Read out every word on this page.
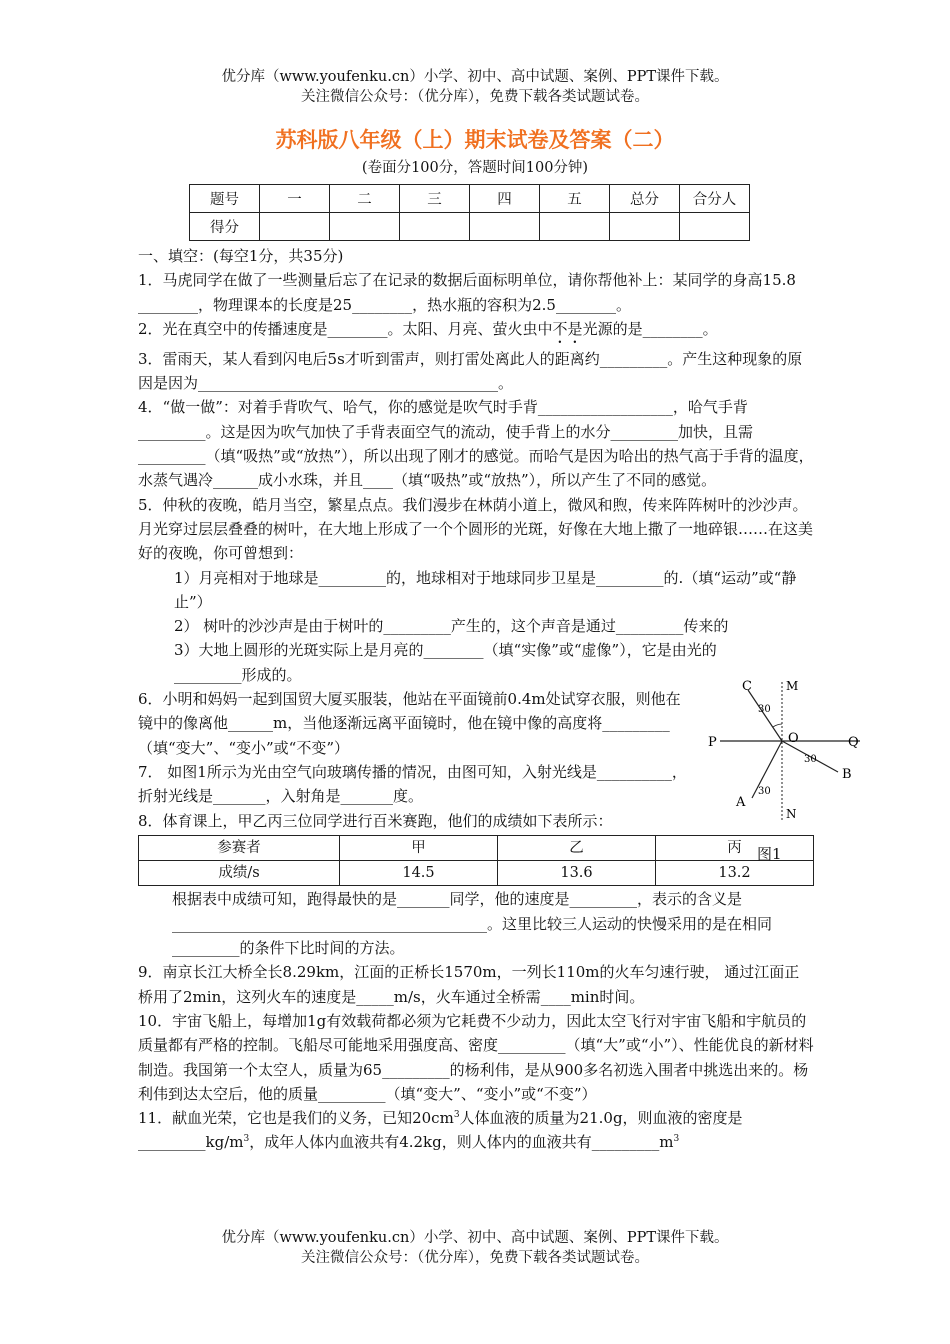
优分库（www.youfenku.cn）小学、初中、高中试题、案例、PPT课件下载。
关注微信公众号：（优分库），免费下载各类试题试卷。
苏科版八年级（上）期末试卷及答案（二）
(卷面分100分，答题时间100分钟)
题号	一	二	三	四	五	总分	合分人
得分							

一、填空：(每空1分，共35分)

1．马虎同学在做了一些测量后忘了在记录的数据后面标明单位，请你帮他补上：某同学的身高15.8 ________，物理课本的长度是25________，热水瓶的容积为2.5________。

2．光在真空中的传播速度是________。太阳、月亮、萤火虫中不是光源的是________。

3．雷雨天，某人看到闪电后5s才听到雷声，则打雷处离此人的距离约_________。产生这种现象的原因是因为________________________________________。

4．“做一做”：对着手背吹气、哈气，你的感觉是吹气时手背__________________，哈气手背_________。这是因为吹气加快了手背表面空气的流动，使手背上的水分_________加快，且需_________（填“吸热”或“放热”），所以出现了刚才的感觉。而哈气是因为哈出的热气高于手背的温度，水蒸气遇冷______成小水珠，并且____（填“吸热”或“放热”），所以产生了不同的感觉。

5．仲秋的夜晚，皓月当空，繁星点点。我们漫步在林荫小道上，微风和煦，传来阵阵树叶的沙沙声。月光穿过层层叠叠的树叶，在大地上形成了一个个圆形的光斑，好像在大地上撒了一地碎银……在这美好的夜晚，你可曾想到：

1）月亮相对于地球是_________的，地球相对于地球同步卫星是_________的.（填“运动”或“静止”）

2） 树叶的沙沙声是由于树叶的_________产生的，这个声音是通过_________传来的

3）大地上圆形的光斑实际上是月亮的________（填“实像”或“虚像”），它是由光的_________形成的。

6．小明和妈妈一起到国贸大厦买服装，他站在平面镜前0.4m处试穿衣服，则他在镜中的像离他______m，当他逐渐远离平面镜时，他在镜中像的高度将_________（填“变大”、“变小”或“不变”）

7． 如图1所示为光由空气向玻璃传播的情况，由图可知，入射光线是__________，折射光线是_______，入射角是_______度。

8．体育课上，甲乙丙三位同学进行百米赛跑，他们的成绩如下表所示：

参赛者	甲	乙	丙
成绩/s	14.5	13.6	13.2

根据表中成绩可知，跑得最快的是_______同学，他的速度是_________，表示的含义是__________________________________________。这里比较三人运动的快慢采用的是在相同_________的条件下比时间的方法。

9．南京长江大桥全长8.29km，江面的正桥长1570m，一列长110m的火车匀速行驶， 通过江面正桥用了2min，这列火车的速度是_____m/s，火车通过全桥需____min时间。

10．宇宙飞船上，每增加1g有效载荷都必须为它耗费不少动力，因此太空飞行对宇宙飞船和宇航员的质量都有严格的控制。飞船尽可能地采用强度高、密度_________（填“大”或“小”）、性能优良的新材料制造。我国第一个太空人，质量为65_________的杨利伟，是从900多名初选入围者中挑选出来的。杨利伟到达太空后，他的质量_________（填“变大”、“变小”或“不变”）

11．献血光荣，它也是我们的义务，已知$20cm^3$人体血液的质量为21.0g，则血液的密度是$\_\_\_\_\_\_\_\_\_kg/m^3$，成年人体内血液共有4.2kg，则人体内的血液共有$\_\_\_\_\_\_\_\_\_m^3$

C	M
P	O	Q
B
A
N
30
30
30
图1
优分库（www.youfenku.cn）小学、初中、高中试题、案例、PPT课件下载。
关注微信公众号：（优分库），免费下载各类试题试卷。
